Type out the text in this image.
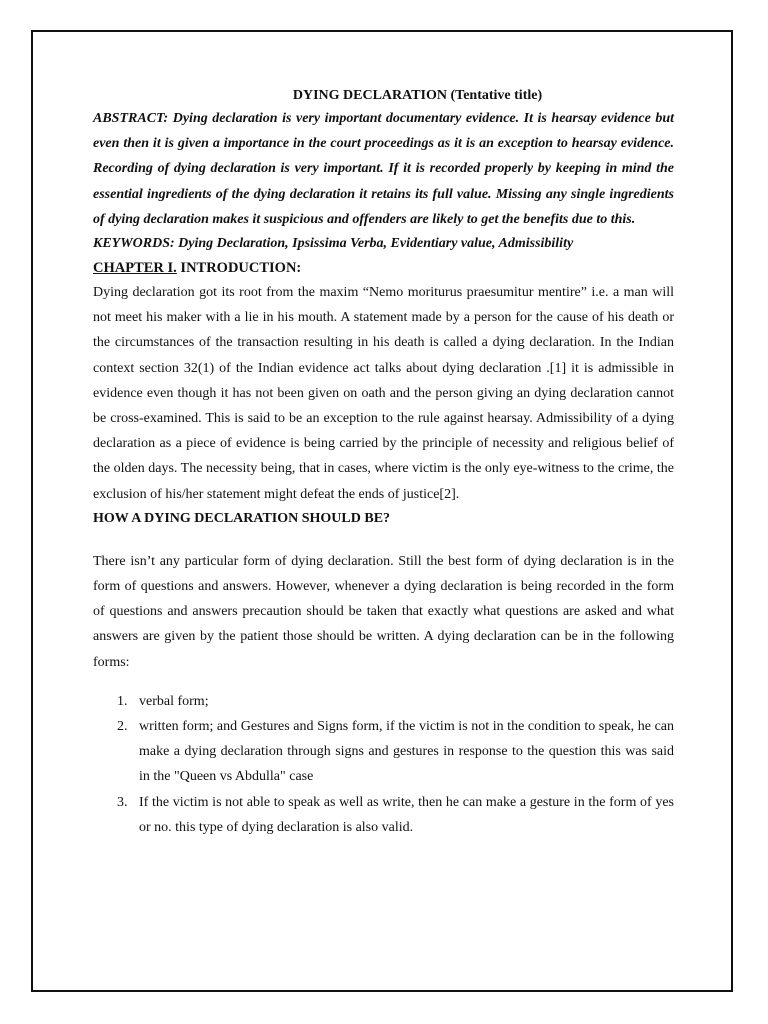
DYING DECLARATION (Tentative title)

ABSTRACT: Dying declaration is very important documentary evidence. It is hearsay evidence but even then it is given a importance in the court proceedings as it is an exception to hearsay evidence. Recording of dying declaration is very important. If it is recorded properly by keeping in mind the essential ingredients of the dying declaration it retains its full value. Missing any single ingredients of dying declaration makes it suspicious and offenders are likely to get the benefits due to this.

KEYWORDS: Dying Declaration, Ipsissima Verba, Evidentiary value, Admissibility

CHAPTER I. INTRODUCTION:

Dying declaration got its root from the maxim “Nemo moriturus praesumitur mentire” i.e. a man will not meet his maker with a lie in his mouth. A statement made by a person for the cause of his death or the circumstances of the transaction resulting in his death is called a dying declaration. In the Indian context section 32(1) of the Indian evidence act talks about dying declaration .[1] it is admissible in evidence even though it has not been given on oath and the person giving an dying declaration cannot be cross-examined. This is said to be an exception to the rule against hearsay. Admissibility of a dying declaration as a piece of evidence is being carried by the principle of necessity and religious belief of the olden days. The necessity being, that in cases, where victim is the only eye-witness to the crime, the exclusion of his/her statement might defeat the ends of justice[2].

HOW A DYING DECLARATION SHOULD BE?

There isn’t any particular form of dying declaration. Still the best form of dying declaration is in the form of questions and answers. However, whenever a dying declaration is being recorded in the form of questions and answers precaution should be taken that exactly what questions are asked and what answers are given by the patient those should be written. A dying declaration can be in the following forms:

1. verbal form;
2. written form; and Gestures and Signs form, if the victim is not in the condition to speak, he can make a dying declaration through signs and gestures in response to the question this was said in the "Queen vs Abdulla" case
3. If the victim is not able to speak as well as write, then he can make a gesture in the form of yes or no. this type of dying declaration is also valid.
